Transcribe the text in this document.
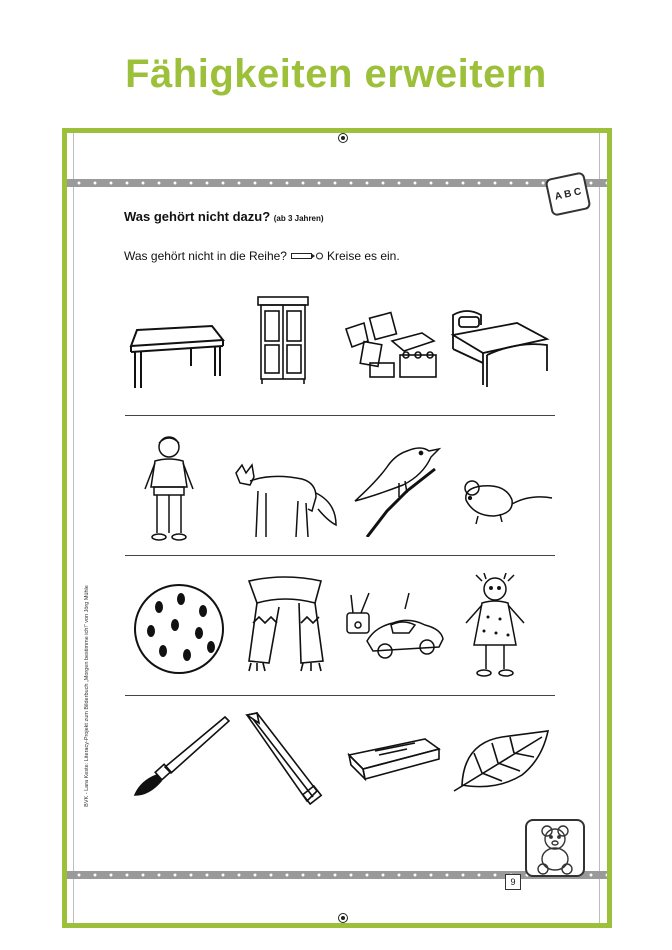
Fähigkeiten erweitern
A B C
Was gehört nicht dazu? (ab 3 Jahren)
Was gehört nicht in die Reihe?	Kreise es ein.
BVK - Lara Keste: Literacy-Projekt zum Bilderbuch „Morgen bestimme ich!“ von Jörg Mühle
9
